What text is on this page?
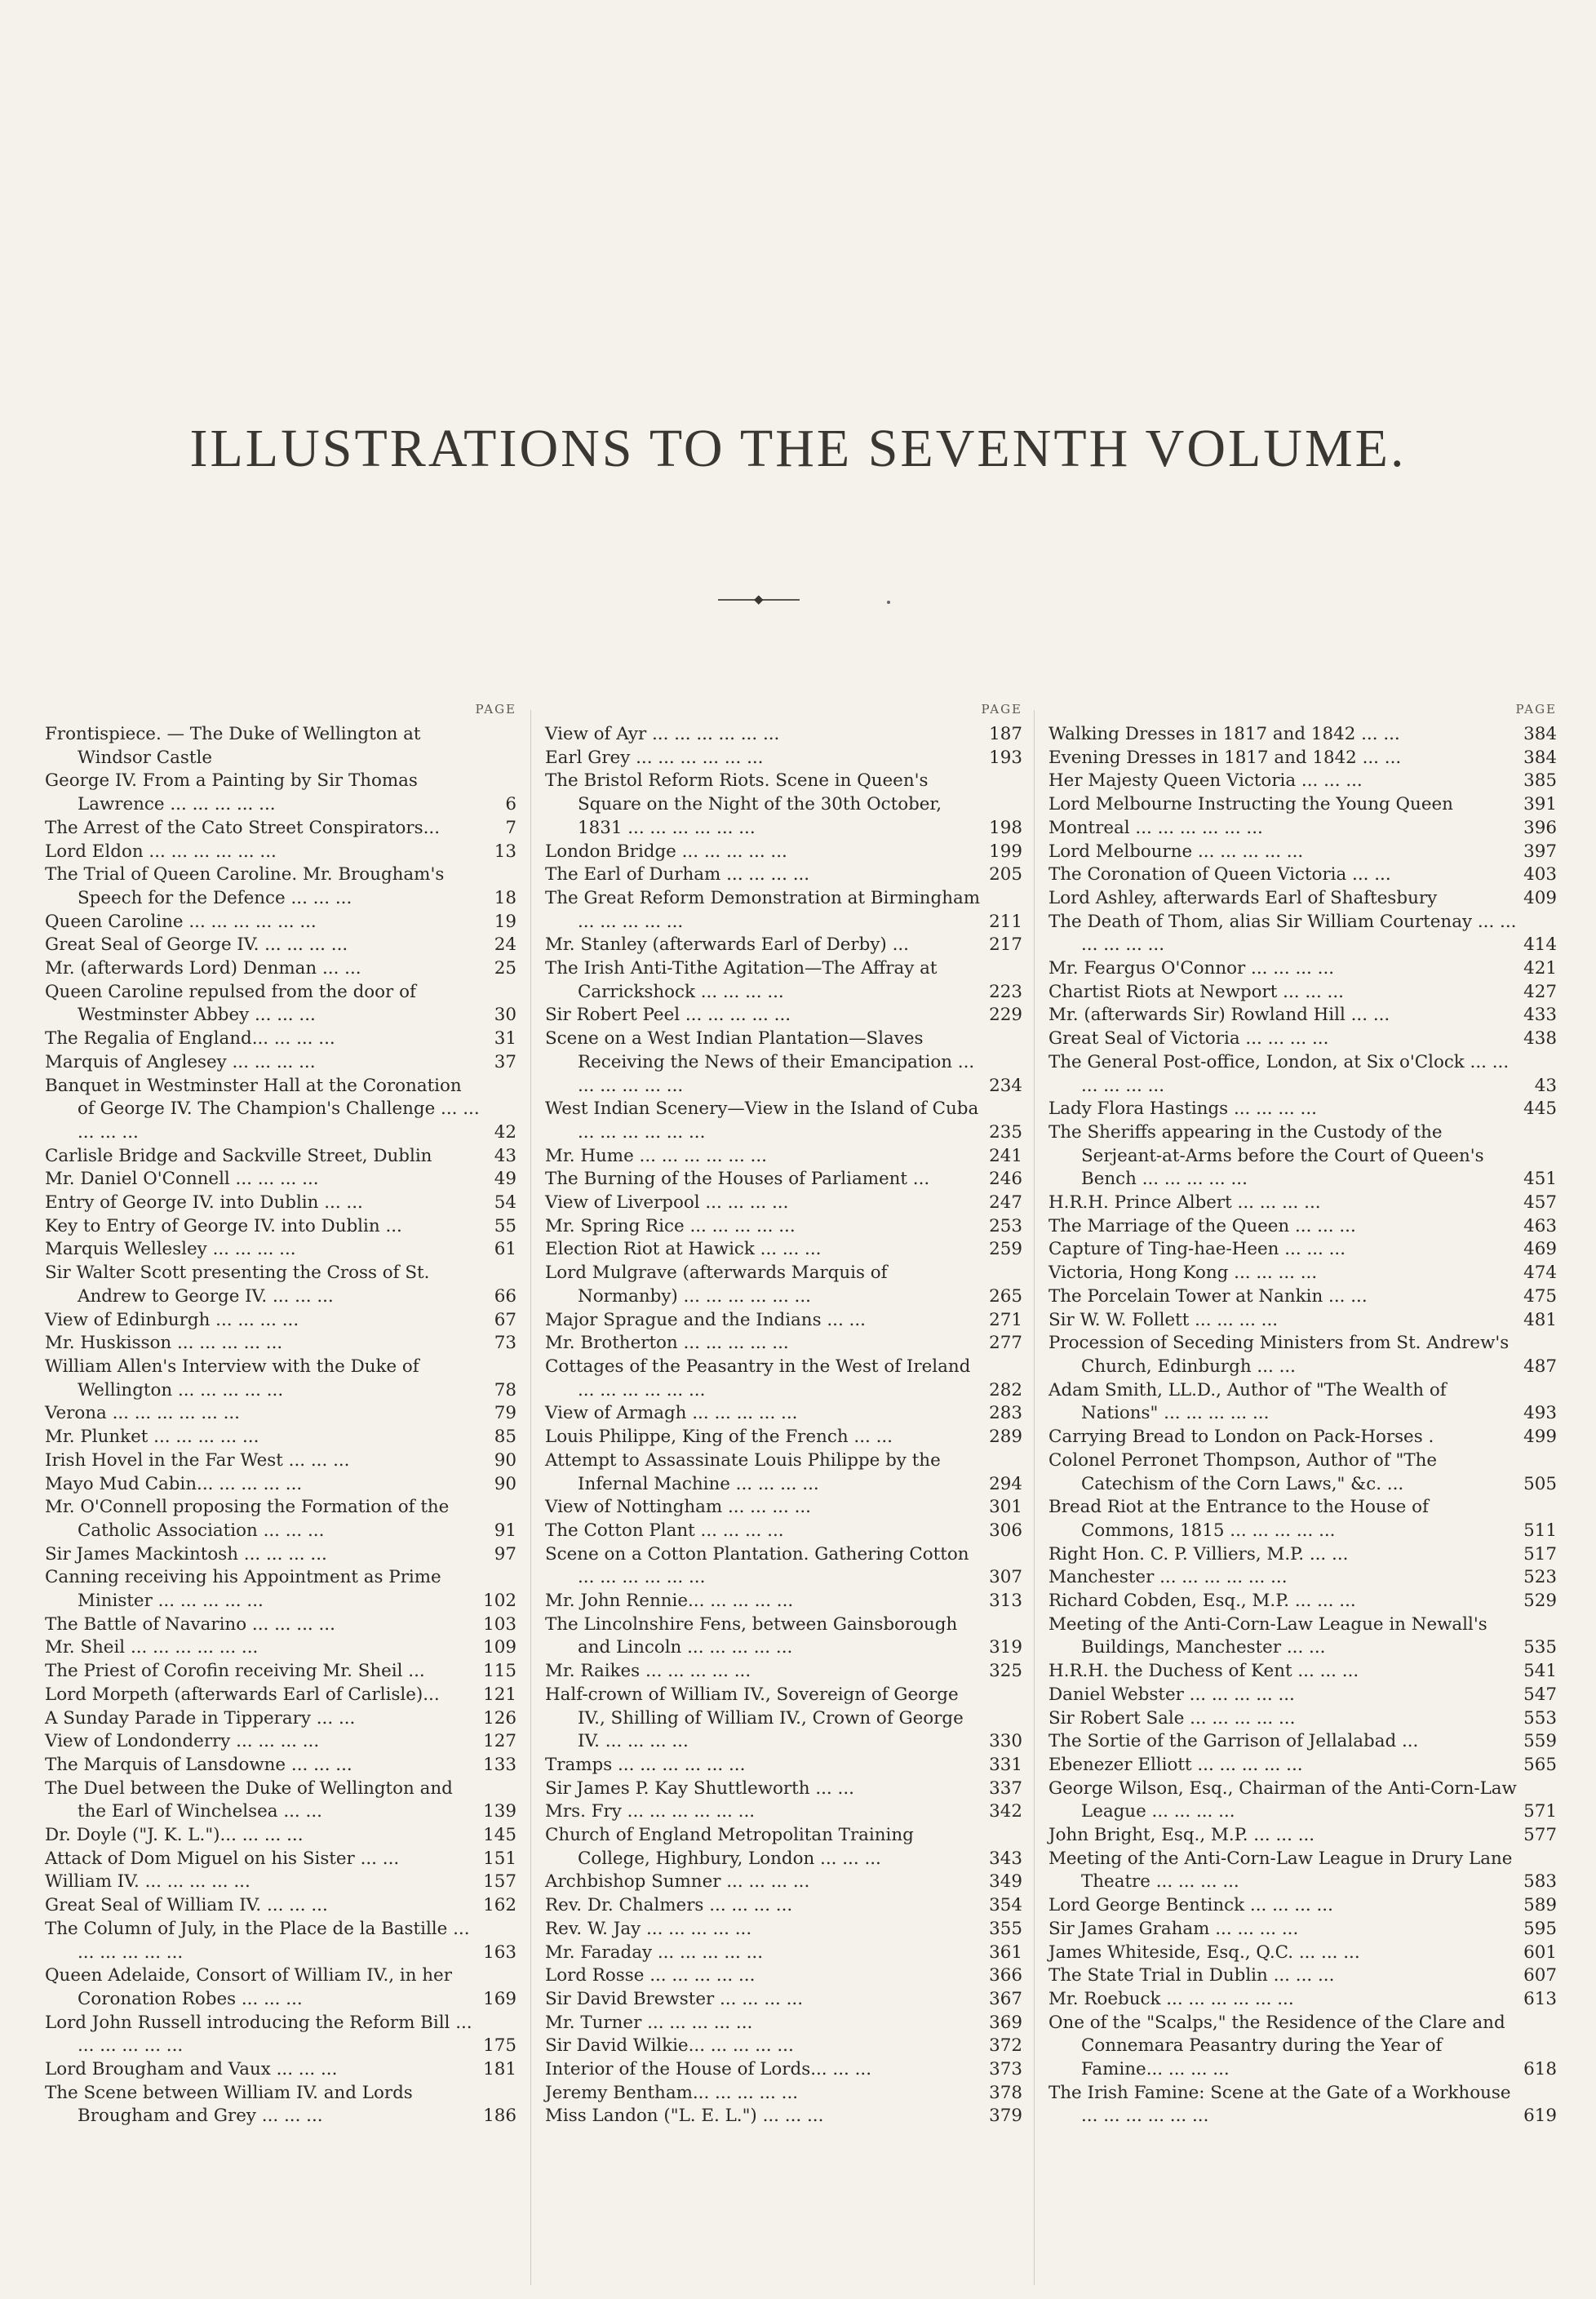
ILLUSTRATIONS TO THE SEVENTH VOLUME.
◆
PAGE
Frontispiece. — The Duke of Wellington at Windsor Castle
George IV. From a Painting by Sir Thomas Lawrence ... ... ... ... ...	6
The Arrest of the Cato Street Conspirators...	7
Lord Eldon ... ... ... ... ... ...	13
The Trial of Queen Caroline. Mr. Brougham's Speech for the Defence ... ... ...	18
Queen Caroline ... ... ... ... ... ...	19
Great Seal of George IV. ... ... ... ...	24
Mr. (afterwards Lord) Denman ... ...	25
Queen Caroline repulsed from the door of Westminster Abbey ... ... ...	30
The Regalia of England... ... ... ...	31
Marquis of Anglesey ... ... ... ...	37
Banquet in Westminster Hall at the Coronation of George IV. The Champion's Challenge ... ... ... ... ...	42
Carlisle Bridge and Sackville Street, Dublin	43
Mr. Daniel O'Connell ... ... ... ...	49
Entry of George IV. into Dublin ... ...	54
Key to Entry of George IV. into Dublin ...	55
Marquis Wellesley ... ... ... ...	61
Sir Walter Scott presenting the Cross of St. Andrew to George IV. ... ... ...	66
View of Edinburgh ... ... ... ...	67
Mr. Huskisson ... ... ... ... ...	73
William Allen's Interview with the Duke of Wellington ... ... ... ... ...	78
Verona ... ... ... ... ... ...	79
Mr. Plunket ... ... ... ... ...	85
Irish Hovel in the Far West ... ... ...	90
Mayo Mud Cabin... ... ... ... ...	90
Mr. O'Connell proposing the Formation of the Catholic Association ... ... ...	91
Sir James Mackintosh ... ... ... ...	97
Canning receiving his Appointment as Prime Minister ... ... ... ... ...	102
The Battle of Navarino ... ... ... ...	103
Mr. Sheil ... ... ... ... ... ...	109
The Priest of Corofin receiving Mr. Sheil ...	115
Lord Morpeth (afterwards Earl of Carlisle)...	121
A Sunday Parade in Tipperary ... ...	126
View of Londonderry ... ... ... ...	127
The Marquis of Lansdowne ... ... ...	133
The Duel between the Duke of Wellington and the Earl of Winchelsea ... ...	139
Dr. Doyle ("J. K. L.")... ... ... ...	145
Attack of Dom Miguel on his Sister ... ...	151
William IV. ... ... ... ... ...	157
Great Seal of William IV. ... ... ...	162
The Column of July, in the Place de la Bastille ... ... ... ... ... ...	163
Queen Adelaide, Consort of William IV., in her Coronation Robes ... ... ...	169
Lord John Russell introducing the Reform Bill ... ... ... ... ... ...	175
Lord Brougham and Vaux ... ... ...	181
The Scene between William IV. and Lords Brougham and Grey ... ... ...	186
PAGE
View of Ayr ... ... ... ... ... ...	187
Earl Grey ... ... ... ... ... ...	193
The Bristol Reform Riots. Scene in Queen's Square on the Night of the 30th October, 1831 ... ... ... ... ... ...	198
London Bridge ... ... ... ... ...	199
The Earl of Durham ... ... ... ...	205
The Great Reform Demonstration at Birmingham ... ... ... ... ...	211
Mr. Stanley (afterwards Earl of Derby) ...	217
The Irish Anti-Tithe Agitation—The Affray at Carrickshock ... ... ... ...	223
Sir Robert Peel ... ... ... ... ...	229
Scene on a West Indian Plantation—Slaves Receiving the News of their Emancipation ... ... ... ... ... ...	234
West Indian Scenery—View in the Island of Cuba ... ... ... ... ... ...	235
Mr. Hume ... ... ... ... ... ...	241
The Burning of the Houses of Parliament ...	246
View of Liverpool ... ... ... ...	247
Mr. Spring Rice ... ... ... ... ...	253
Election Riot at Hawick ... ... ...	259
Lord Mulgrave (afterwards Marquis of Normanby) ... ... ... ... ... ...	265
Major Sprague and the Indians ... ...	271
Mr. Brotherton ... ... ... ... ...	277
Cottages of the Peasantry in the West of Ireland ... ... ... ... ... ...	282
View of Armagh ... ... ... ... ...	283
Louis Philippe, King of the French ... ...	289
Attempt to Assassinate Louis Philippe by the Infernal Machine ... ... ... ...	294
View of Nottingham ... ... ... ...	301
The Cotton Plant ... ... ... ...	306
Scene on a Cotton Plantation. Gathering Cotton ... ... ... ... ... ...	307
Mr. John Rennie... ... ... ... ...	313
The Lincolnshire Fens, between Gainsborough and Lincoln ... ... ... ... ...	319
Mr. Raikes ... ... ... ... ...	325
Half-crown of William IV., Sovereign of George IV., Shilling of William IV., Crown of George IV. ... ... ... ...	330
Tramps ... ... ... ... ... ...	331
Sir James P. Kay Shuttleworth ... ...	337
Mrs. Fry ... ... ... ... ... ...	342
Church of England Metropolitan Training College, Highbury, London ... ... ...	343
Archbishop Sumner ... ... ... ...	349
Rev. Dr. Chalmers ... ... ... ...	354
Rev. W. Jay ... ... ... ... ...	355
Mr. Faraday ... ... ... ... ...	361
Lord Rosse ... ... ... ... ...	366
Sir David Brewster ... ... ... ...	367
Mr. Turner ... ... ... ... ...	369
Sir David Wilkie... ... ... ... ...	372
Interior of the House of Lords... ... ...	373
Jeremy Bentham... ... ... ... ...	378
Miss Landon ("L. E. L.") ... ... ...	379
PAGE
Walking Dresses in 1817 and 1842 ... ...	384
Evening Dresses in 1817 and 1842 ... ...	384
Her Majesty Queen Victoria ... ... ...	385
Lord Melbourne Instructing the Young Queen	391
Montreal ... ... ... ... ... ...	396
Lord Melbourne ... ... ... ... ...	397
The Coronation of Queen Victoria ... ...	403
Lord Ashley, afterwards Earl of Shaftesbury	409
The Death of Thom, alias Sir William Courtenay ... ... ... ... ... ...	414
Mr. Feargus O'Connor ... ... ... ...	421
Chartist Riots at Newport ... ... ...	427
Mr. (afterwards Sir) Rowland Hill ... ...	433
Great Seal of Victoria ... ... ... ...	438
The General Post-office, London, at Six o'Clock ... ... ... ... ... ...	43
Lady Flora Hastings ... ... ... ...	445
The Sheriffs appearing in the Custody of the Serjeant-at-Arms before the Court of Queen's Bench ... ... ... ... ...	451
H.R.H. Prince Albert ... ... ... ...	457
The Marriage of the Queen ... ... ...	463
Capture of Ting-hae-Heen ... ... ...	469
Victoria, Hong Kong ... ... ... ...	474
The Porcelain Tower at Nankin ... ...	475
Sir W. W. Follett ... ... ... ...	481
Procession of Seceding Ministers from St. Andrew's Church, Edinburgh ... ...	487
Adam Smith, LL.D., Author of "The Wealth of Nations" ... ... ... ... ...	493
Carrying Bread to London on Pack-Horses .	499
Colonel Perronet Thompson, Author of "The Catechism of the Corn Laws," &c. ...	505
Bread Riot at the Entrance to the House of Commons, 1815 ... ... ... ... ...	511
Right Hon. C. P. Villiers, M.P. ... ...	517
Manchester ... ... ... ... ... ...	523
Richard Cobden, Esq., M.P. ... ... ...	529
Meeting of the Anti-Corn-Law League in Newall's Buildings, Manchester ... ...	535
H.R.H. the Duchess of Kent ... ... ...	541
Daniel Webster ... ... ... ... ...	547
Sir Robert Sale ... ... ... ... ...	553
The Sortie of the Garrison of Jellalabad ...	559
Ebenezer Elliott ... ... ... ... ...	565
George Wilson, Esq., Chairman of the Anti-Corn-Law League ... ... ... ...	571
John Bright, Esq., M.P. ... ... ...	577
Meeting of the Anti-Corn-Law League in Drury Lane Theatre ... ... ... ...	583
Lord George Bentinck ... ... ... ...	589
Sir James Graham ... ... ... ...	595
James Whiteside, Esq., Q.C. ... ... ...	601
The State Trial in Dublin ... ... ...	607
Mr. Roebuck ... ... ... ... ... ...	613
One of the "Scalps," the Residence of the Clare and Connemara Peasantry during the Year of Famine... ... ... ...	618
The Irish Famine: Scene at the Gate of a Workhouse ... ... ... ... ... ...	619
